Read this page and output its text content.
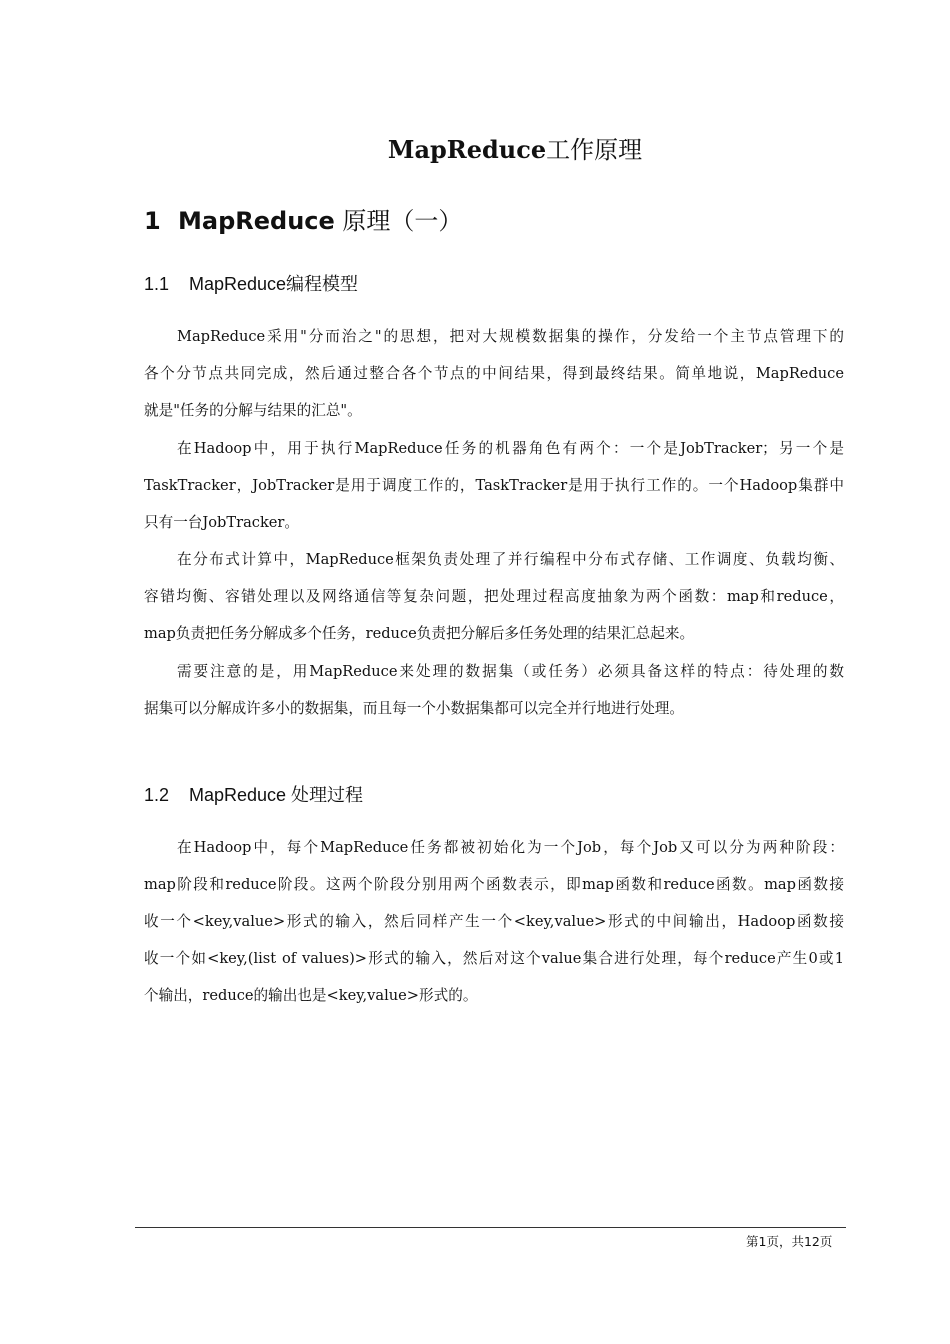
MapReduce工作原理
1 MapReduce 原理（一）
1.1 MapReduce编程模型
MapReduce采用"分而治之"的思想，把对大规模数据集的操作，分发给一个主节点管理下的
各个分节点共同完成，然后通过整合各个节点的中间结果，得到最终结果。简单地说，MapReduce
就是"任务的分解与结果的汇总"。
在Hadoop中，用于执行MapReduce任务的机器角色有两个：一个是JobTracker；另一个是
TaskTracker，JobTracker是用于调度工作的，TaskTracker是用于执行工作的。一个Hadoop集群中
只有一台JobTracker。
在分布式计算中，MapReduce框架负责处理了并行编程中分布式存储、工作调度、负载均衡、
容错均衡、容错处理以及网络通信等复杂问题，把处理过程高度抽象为两个函数：map和reduce，
map负责把任务分解成多个任务，reduce负责把分解后多任务处理的结果汇总起来。
需要注意的是，用MapReduce来处理的数据集（或任务）必须具备这样的特点：待处理的数
据集可以分解成许多小的数据集，而且每一个小数据集都可以完全并行地进行处理。
1.2 MapReduce 处理过程
在Hadoop中，每个MapReduce任务都被初始化为一个Job，每个Job又可以分为两种阶段：
map阶段和reduce阶段。这两个阶段分别用两个函数表示，即map函数和reduce函数。map函数接
收一个<key,value>形式的输入，然后同样产生一个<key,value>形式的中间输出，Hadoop函数接
收一个如<key,(list of values)>形式的输入，然后对这个value集合进行处理，每个reduce产生0或1
个输出，reduce的输出也是<key,value>形式的。
第1页，共12页
